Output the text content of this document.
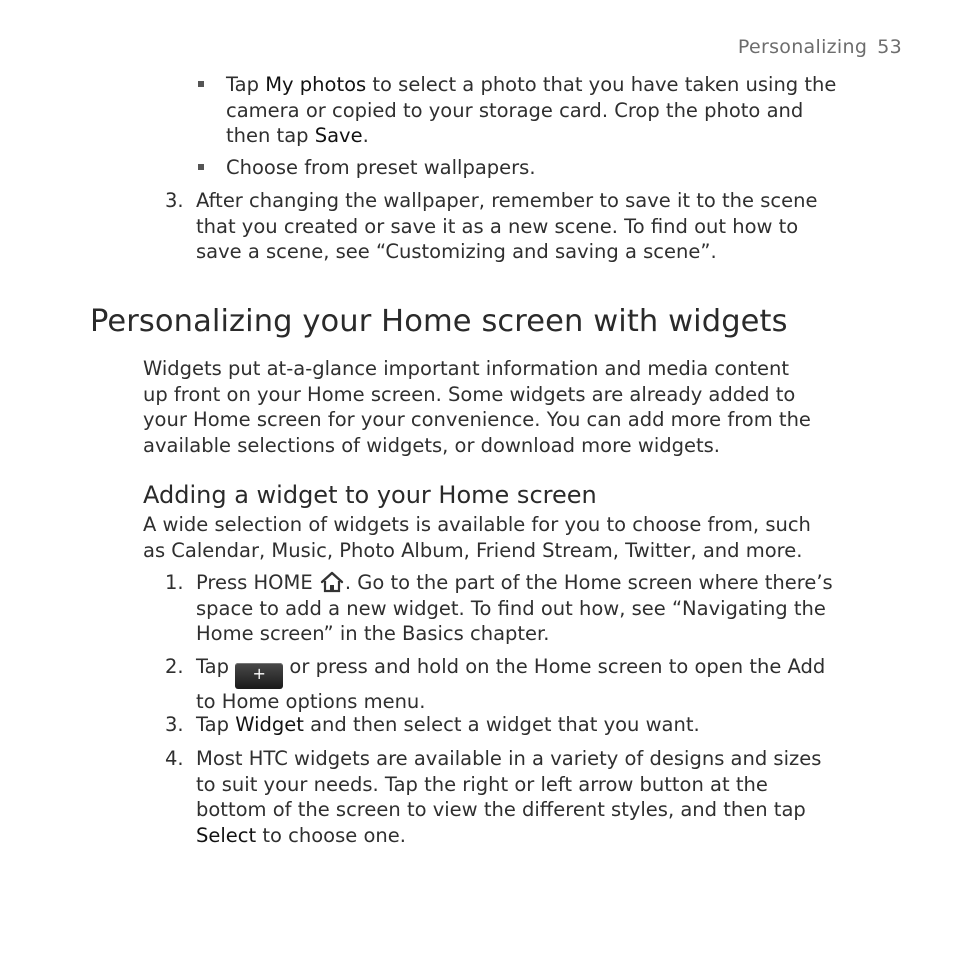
Personalizing 53
Tap My photos to select a photo that you have taken using the
camera or copied to your storage card. Crop the photo and
then tap Save.
Choose from preset wallpapers.
3. After changing the wallpaper, remember to save it to the scene
that you created or save it as a new scene. To find out how to
save a scene, see “Customizing and saving a scene”.
Personalizing your Home screen with widgets
Widgets put at-a-glance important information and media content
up front on your Home screen. Some widgets are already added to
your Home screen for your convenience. You can add more from the
available selections of widgets, or download more widgets.
Adding a widget to your Home screen
A wide selection of widgets is available for you to choose from, such
as Calendar, Music, Photo Album, Friend Stream, Twitter, and more.
1. Press HOME . Go to the part of the Home screen where there’s
space to add a new widget. To find out how, see “Navigating the
Home screen” in the Basics chapter.
2. Tap + or press and hold on the Home screen to open the Add
to Home options menu.
3. Tap Widget and then select a widget that you want.
4. Most HTC widgets are available in a variety of designs and sizes
to suit your needs. Tap the right or left arrow button at the
bottom of the screen to view the different styles, and then tap
Select to choose one.
